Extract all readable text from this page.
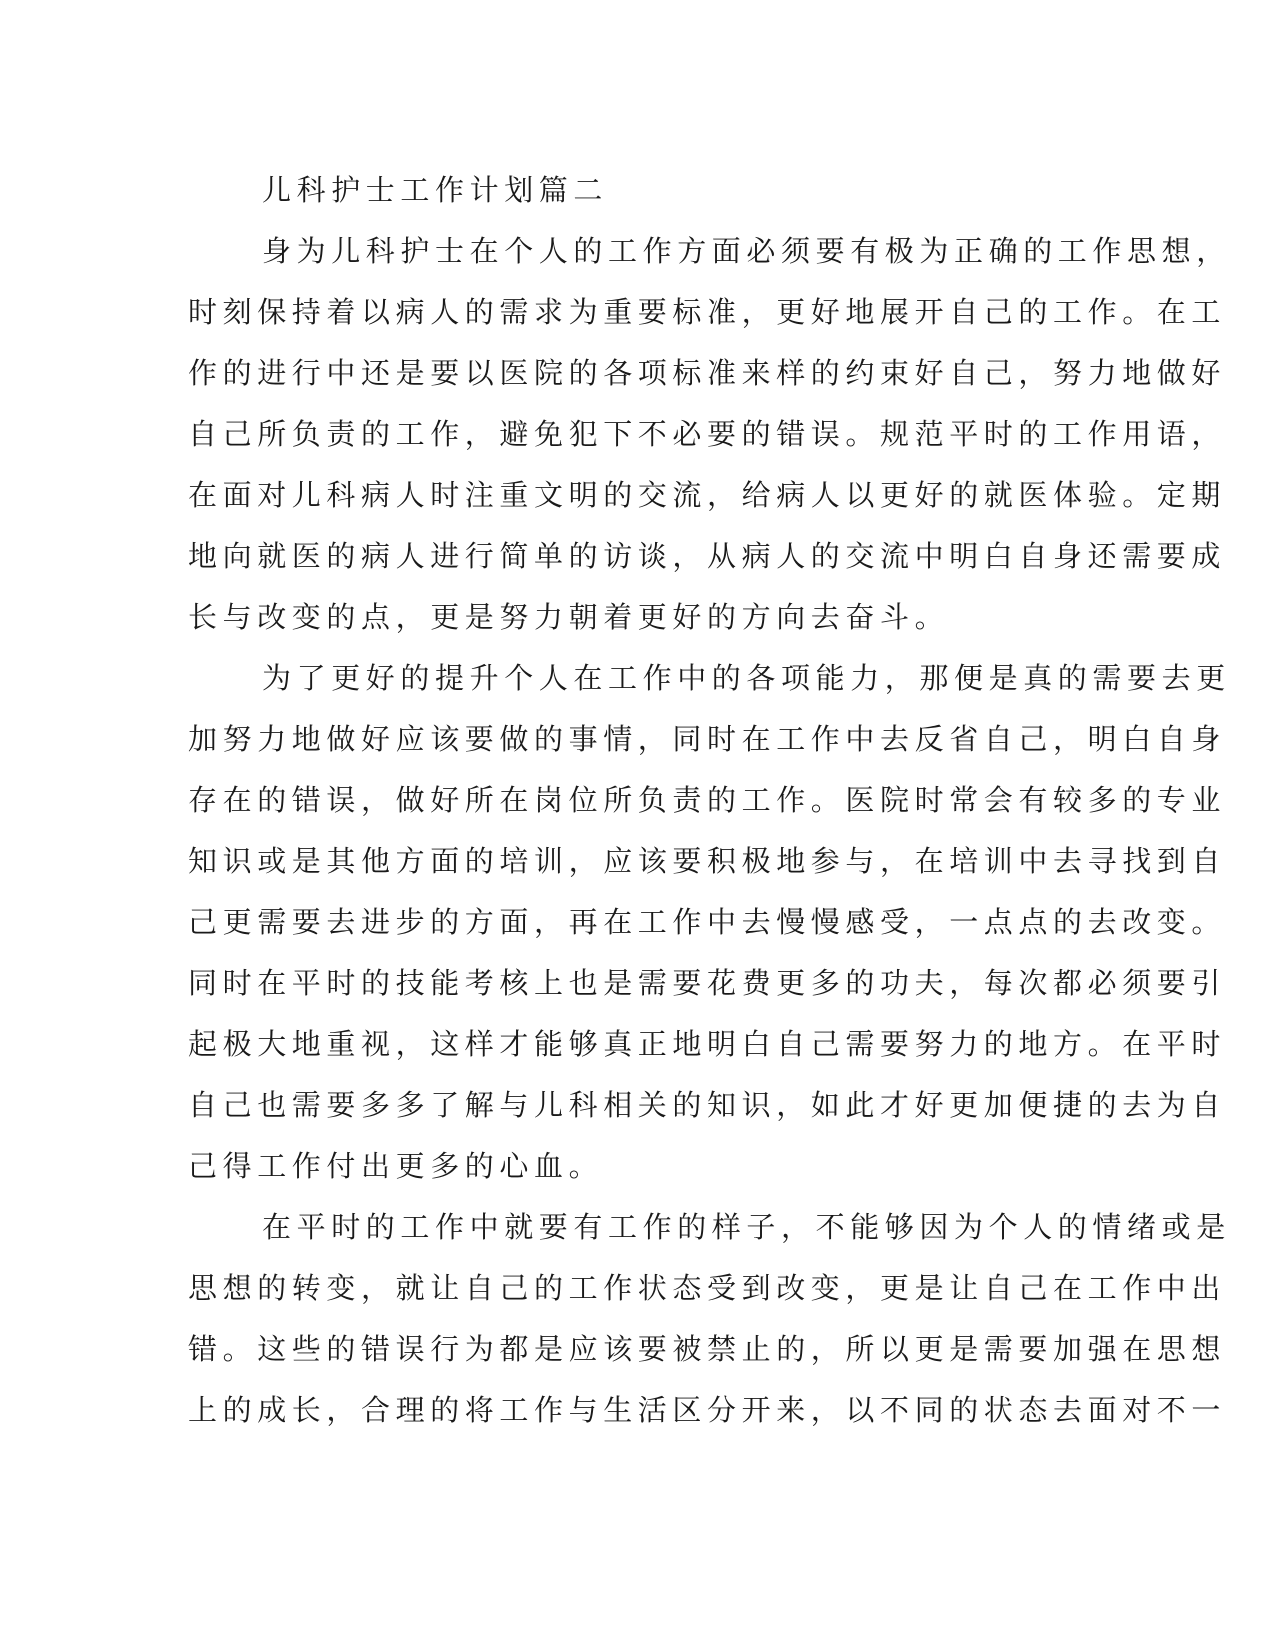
儿科护士工作计划篇二
身为儿科护士在个人的工作方面必须要有极为正确的工作思想，
时刻保持着以病人的需求为重要标准，更好地展开自己的工作。在工
作的进行中还是要以医院的各项标准来样的约束好自己，努力地做好
自己所负责的工作，避免犯下不必要的错误。规范平时的工作用语，
在面对儿科病人时注重文明的交流，给病人以更好的就医体验。定期
地向就医的病人进行简单的访谈，从病人的交流中明白自身还需要成
长与改变的点，更是努力朝着更好的方向去奋斗。
为了更好的提升个人在工作中的各项能力，那便是真的需要去更
加努力地做好应该要做的事情，同时在工作中去反省自己，明白自身
存在的错误，做好所在岗位所负责的工作。医院时常会有较多的专业
知识或是其他方面的培训，应该要积极地参与，在培训中去寻找到自
己更需要去进步的方面，再在工作中去慢慢感受，一点点的去改变。
同时在平时的技能考核上也是需要花费更多的功夫，每次都必须要引
起极大地重视，这样才能够真正地明白自己需要努力的地方。在平时
自己也需要多多了解与儿科相关的知识，如此才好更加便捷的去为自
己得工作付出更多的心血。
在平时的工作中就要有工作的样子，不能够因为个人的情绪或是
思想的转变，就让自己的工作状态受到改变，更是让自己在工作中出
错。这些的错误行为都是应该要被禁止的，所以更是需要加强在思想
上的成长，合理的将工作与生活区分开来，以不同的状态去面对不一
